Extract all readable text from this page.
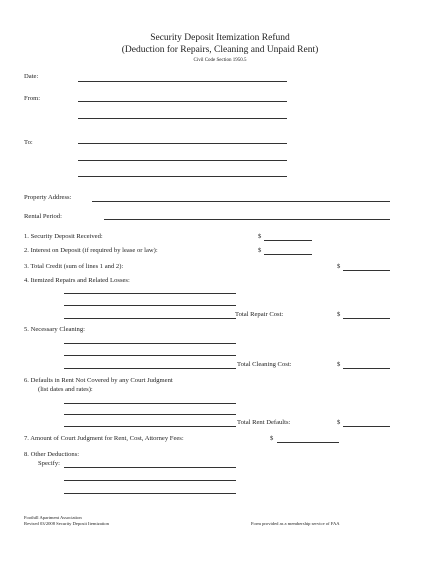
Security Deposit Itemization Refund
(Deduction for Repairs, Cleaning and Unpaid Rent)
Civil Code Section 1950.5
Date:
From:
To:
Property Address:
Rental Period:
1. Security Deposit Received:	$
2. Interest on Deposit (if required by lease or law):	$
3. Total Credit (sum of lines 1 and 2):	$
4. Itemized Repairs and Related Losses:
Total Repair Cost:	$
5. Necessary Cleaning:
Total Cleaning Cost:	$
6. Defaults in Rent Not Covered by any Court Judgment
(list dates and rates):
Total Rent Defaults:	$
7. Amount of Court Judgment for Rent, Cost, Attorney Fees:	$
8. Other Deductions:
Specify:
Foothill Apartment Association
Revised 03/2008 Security Deposit Itemization	Form provided as a membership service of FAA
